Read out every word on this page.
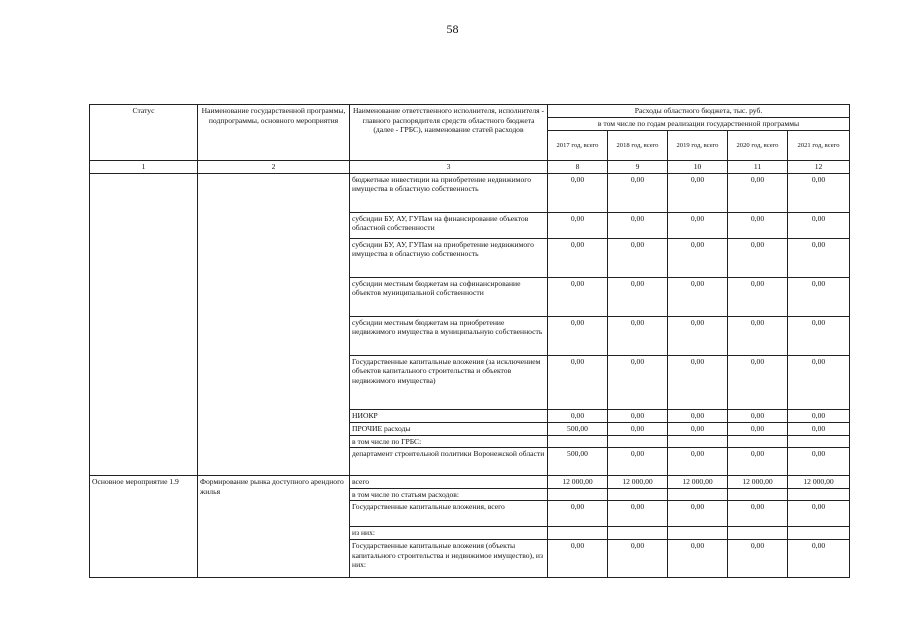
58
Статус	Наименование государственной программы, подпрограммы, основного мероприятия	Наименование ответственного исполнителя, исполнителя - главного распорядителя средств областного бюджета (далее - ГРБС), наименование статей расходов	Расходы областного бюджета, тыс. руб.				
			в том числе по годам реализации государственной программы				
			2017 год, всего	2018 год, всего	2019 год, всего	2020 год, всего	2021 год, всего
1	2	3	8	9	10	11	12
		бюджетные инвестиции на приобретение недвижимого имущества в областную собственность	0,00	0,00	0,00	0,00	0,00
		субсидии БУ, АУ, ГУПам на финансирование объектов областной собственности	0,00	0,00	0,00	0,00	0,00
		субсидии БУ, АУ, ГУПам на приобретение недвижимого имущества в областную собственность	0,00	0,00	0,00	0,00	0,00
		субсидии местным бюджетам на софинансирование объектов муниципальной собственности	0,00	0,00	0,00	0,00	0,00
		субсидии местным бюджетам на приобретение недвижимого имущества в муниципальную собственность	0,00	0,00	0,00	0,00	0,00
		Государственные капитальные вложения (за исключением объектов капитального строительства и объектов недвижимого имущества)	0,00	0,00	0,00	0,00	0,00
		НИОКР	0,00	0,00	0,00	0,00	0,00
		ПРОЧИЕ расходы	500,00	0,00	0,00	0,00	0,00
		в том числе по ГРБС:					
		департамент строительной политики Воронежской области	500,00	0,00	0,00	0,00	0,00
Основное мероприятие 1.9	Формирование рынка доступного арендного жилья	всего	12 000,00	12 000,00	12 000,00	12 000,00	12 000,00
		в том числе по статьям расходов:					
		Государственные капитальные вложения, всего	0,00	0,00	0,00	0,00	0,00
		из них:					
		Государственные капитальные вложения (объекты капитального строительства и недвижимое имущество), из них:	0,00	0,00	0,00	0,00	0,00
